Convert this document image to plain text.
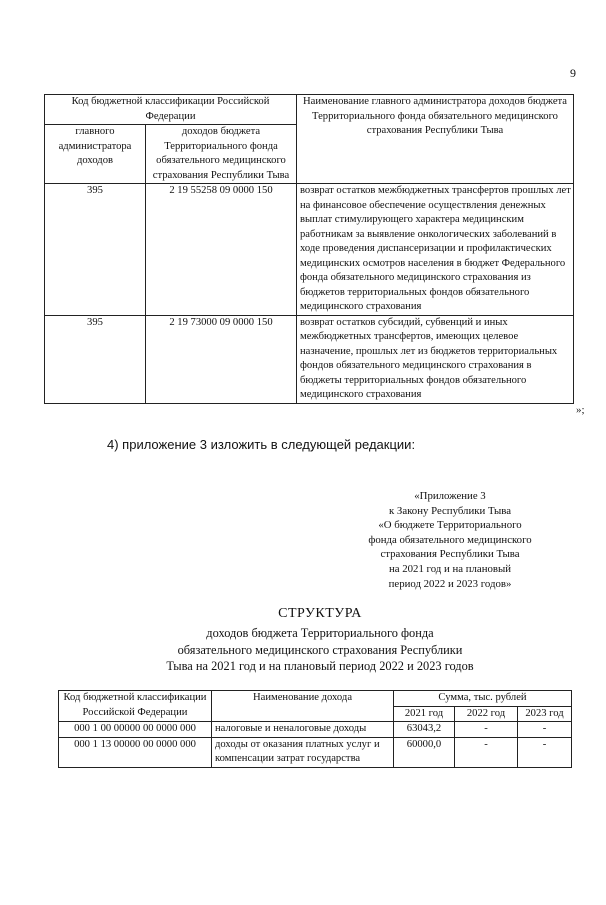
9
Код бюджетной классификации Российской Федерации		Наименование главного администратора доходов бюджета Территориального фонда обязательного медицинского страхования Республики Тыва
главного администратора доходов	доходов бюджета Территориального фонда обязательного медицинского страхования Республики Тыва	
395	2 19 55258 09 0000 150	возврат остатков межбюджетных трансфертов прошлых лет на финансовое обеспечение осуществления денежных выплат стимулирующего характера медицинским работникам за выявление онкологических заболеваний в ходе проведения диспансеризации и профилактических медицинских осмотров населения в бюджет Федерального фонда обязательного медицинского страхования из бюджетов территориальных фондов обязательного медицинского страхования
395	2 19 73000 09 0000 150	возврат остатков субсидий, субвенций и иных межбюджетных трансфертов, имеющих целевое назначение, прошлых лет из бюджетов территориальных фондов обязательного медицинского страхования в бюджеты территориальных фондов обязательного медицинского страхования
»;
4) приложение 3 изложить в следующей редакции:
«Приложение 3
к Закону Республики Тыва
«О бюджете Территориального
фонда обязательного медицинского
страхования Республики Тыва
на 2021 год и на плановый
период 2022 и 2023 годов»
СТРУКТУРА
доходов бюджета Территориального фонда
обязательного медицинского страхования Республики
Тыва на 2021 год и на плановый период 2022 и 2023 годов
Код бюджетной классификации Российской Федерации	Наименование дохода	Сумма, тыс. рублей		
		2021 год	2022 год	2023 год
000 1 00 00000 00 0000 000	налоговые и неналоговые доходы	63043,2	-	-
000 1 13 00000 00 0000 000	доходы от оказания платных услуг и компенсации затрат государства	60000,0	-	-
